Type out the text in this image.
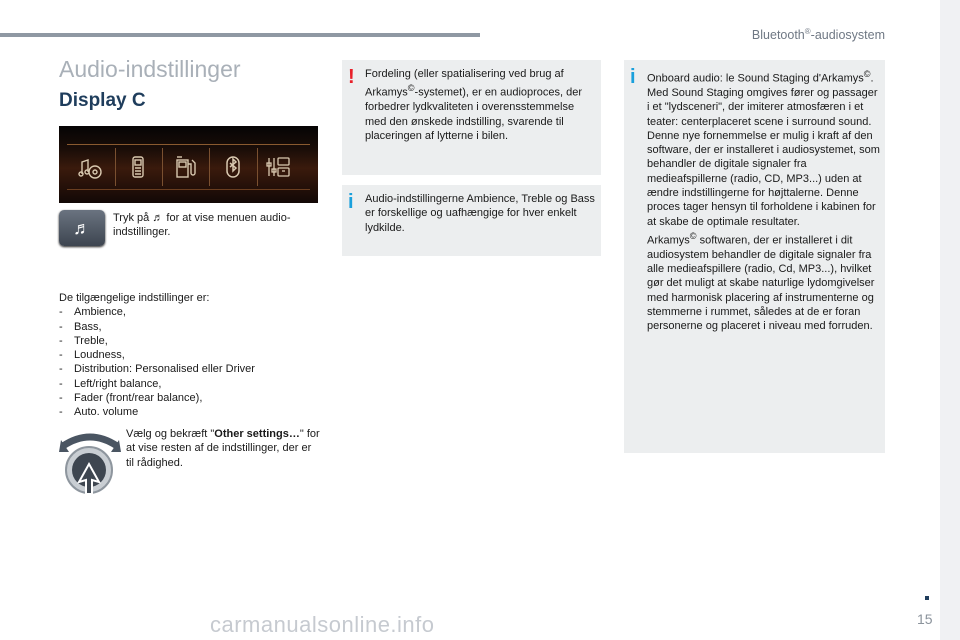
Bluetooth®-audiosystem
Audio-indstillinger
Display C
♬	Tryk på ♬ for at vise menuen audio-indstillinger.
De tilgængelige indstillinger er:
- Ambience,
- Bass,
- Treble,
- Loudness,
- Distribution: Personalised eller Driver
- Left/right balance,
- Fader (front/rear balance),
- Auto. volume
Vælg og bekræft "Other settings…" for at vise resten af de indstillinger, der er til rådighed.
! Fordeling (eller spatialisering ved brug af Arkamys©-systemet), er en audioproces, der forbedrer lydkvaliteten i overensstemmelse med den ønskede indstilling, svarende til placeringen af lytterne i bilen.
i Audio-indstillingerne Ambience, Treble og Bass er forskellige og uafhængige for hver enkelt lydkilde.
i Onboard audio: le Sound Staging d'Arkamys©.

Med Sound Staging omgives fører og passager i et "lydsceneri", der imiterer atmosfæren i et teater: centerplaceret scene i surround sound.

Denne nye fornemmelse er mulig i kraft af den software, der er installeret i audiosystemet, som behandler de digitale signaler fra medieafspillerne (radio, CD, MP3...) uden at ændre indstillingerne for højttalerne. Denne proces tager hensyn til forholdene i kabinen for at skabe de optimale resultater.

Arkamys© softwaren, der er installeret i dit audiosystem behandler de digitale signaler fra alle medieafspillere (radio, Cd, MP3...), hvilket gør det muligt at skabe naturlige lydomgivelser med harmonisk placering af instrumenterne og stemmerne i rummet, således at de er foran personerne og placeret i niveau med forruden.

carmanualsonline.info	15
